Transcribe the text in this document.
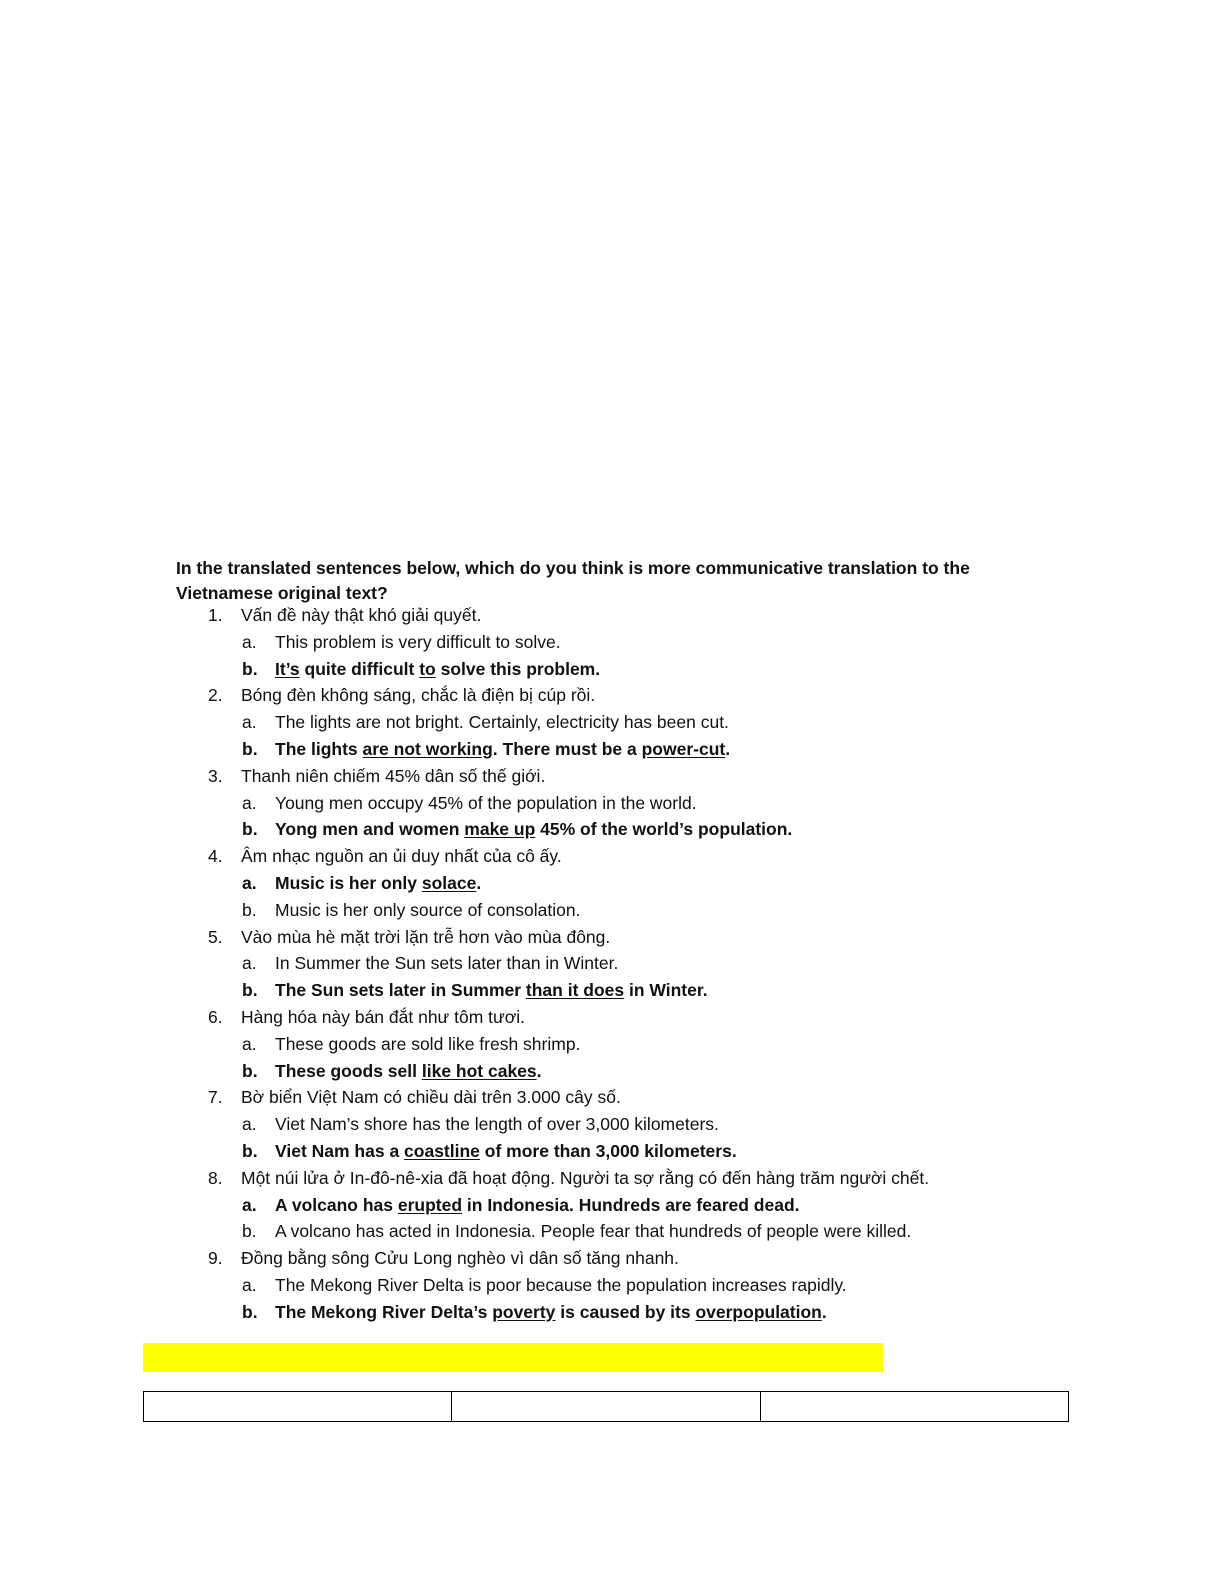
In the translated sentences below, which do you think is more communicative translation to the Vietnamese original text?
1. Vấn đề này thật khó giải quyết.
a. This problem is very difficult to solve.
b. It’s quite difficult to solve this problem.
2. Bóng đèn không sáng, chắc là điện bị cúp rồi.
a. The lights are not bright. Certainly, electricity has been cut.
b. The lights are not working. There must be a power-cut.
3. Thanh niên chiếm 45% dân số thế giới.
a. Young men occupy 45% of the population in the world.
b. Yong men and women make up 45% of the world’s population.
4. Âm nhạc nguồn an ủi duy nhất của cô ấy.
a. Music is her only solace.
b. Music is her only source of consolation.
5. Vào mùa hè mặt trời lặn trễ hơn vào mùa đông.
a. In Summer the Sun sets later than in Winter.
b. The Sun sets later in Summer than it does in Winter.
6. Hàng hóa này bán đắt như tôm tươi.
a. These goods are sold like fresh shrimp.
b. These goods sell like hot cakes.
7. Bờ biển Việt Nam có chiều dài trên 3.000 cây số.
a. Viet Nam’s shore has the length of over 3,000 kilometers.
b. Viet Nam has a coastline of more than 3,000 kilometers.
8. Một núi lửa ở In-đô-nê-xia đã hoạt động. Người ta sợ rằng có đến hàng trăm người chết.
a. A volcano has erupted in Indonesia. Hundreds are feared dead.
b. A volcano has acted in Indonesia. People fear that hundreds of people were killed.
9. Đồng bằng sông Cửu Long nghèo vì dân số tăng nhanh.
a. The Mekong River Delta is poor because the population increases rapidly.
b. The Mekong River Delta’s poverty is caused by its overpopulation.
